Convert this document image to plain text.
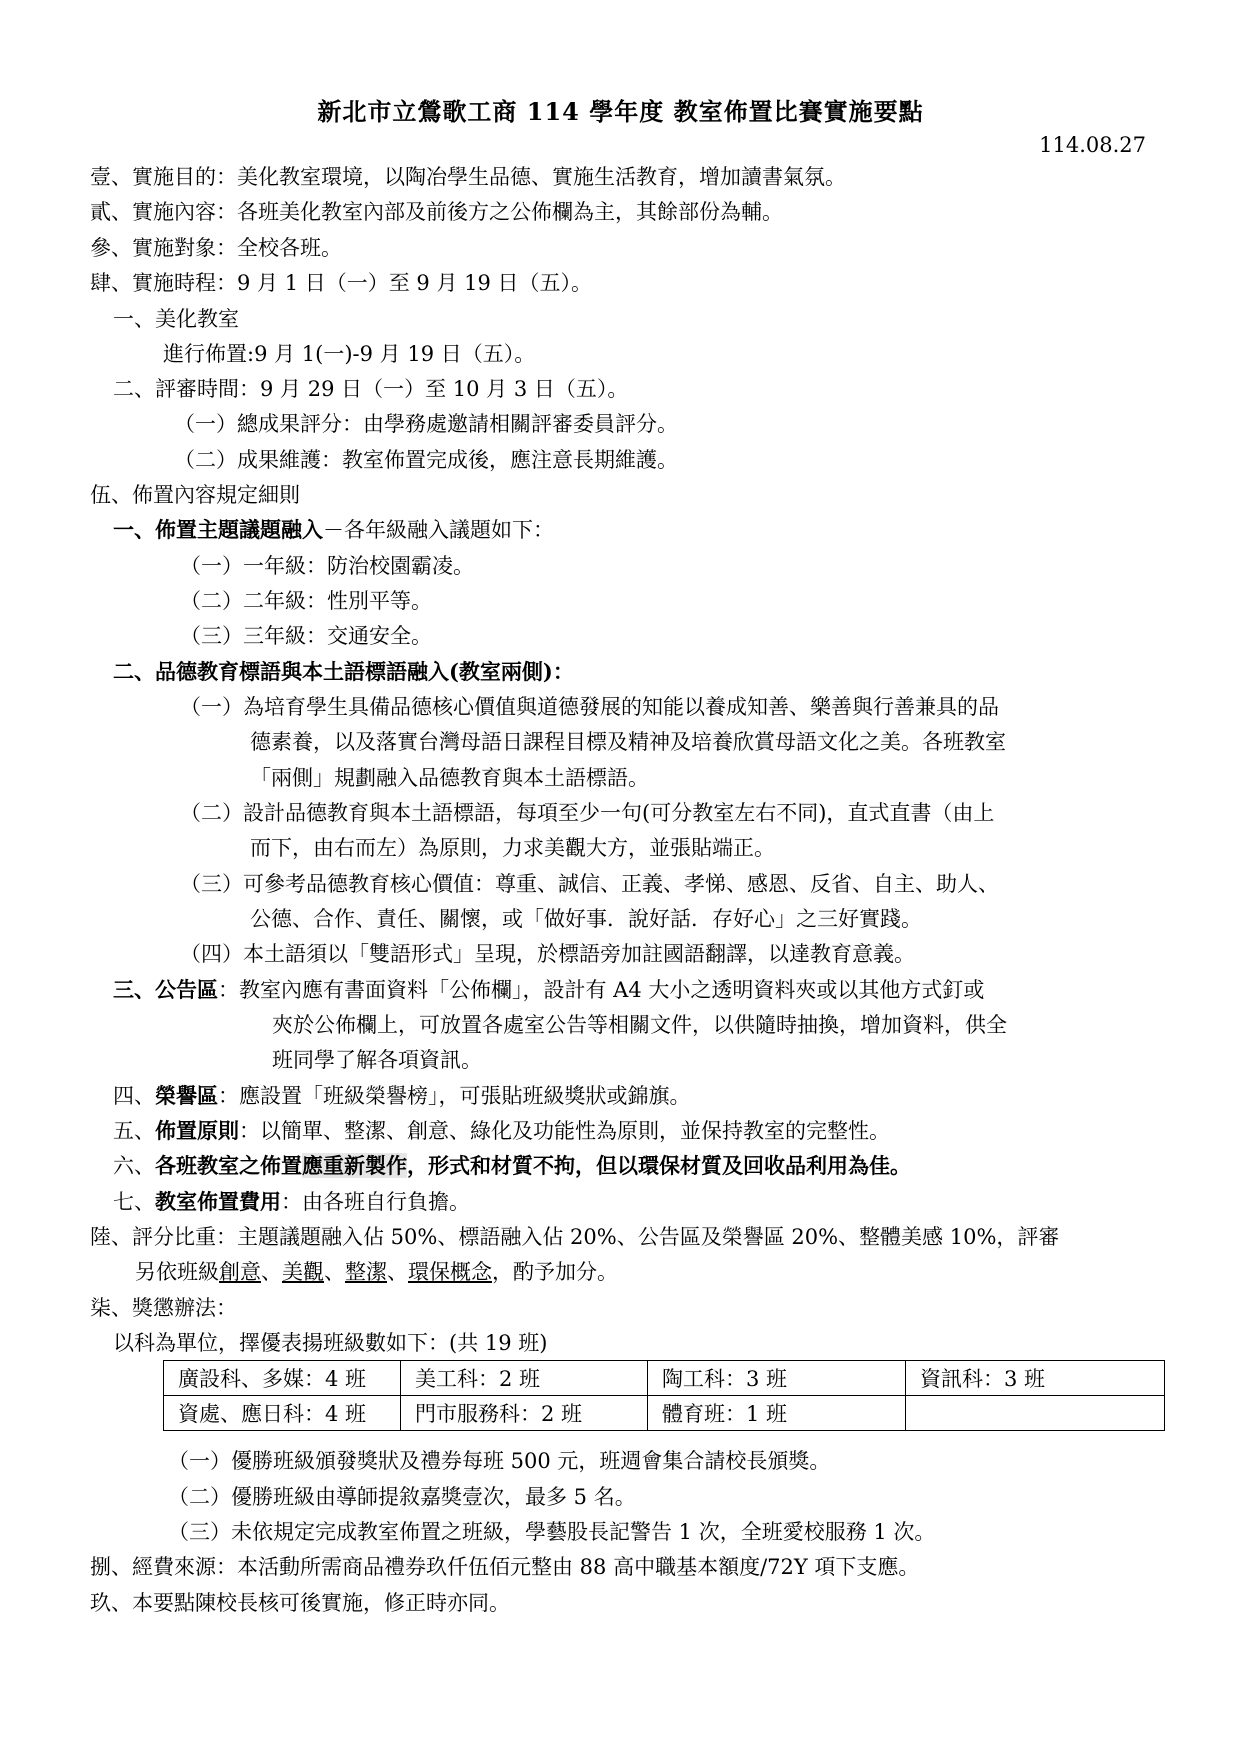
新北市立鶯歌工商 114 學年度 教室佈置比賽實施要點
114.08.27
壹、實施目的：美化教室環境，以陶冶學生品德、實施生活教育，增加讀書氣氛。
貳、實施內容：各班美化教室內部及前後方之公佈欄為主，其餘部份為輔。
參、實施對象：全校各班。
肆、實施時程：9 月 1 日（一）至 9 月 19 日（五）。
一、美化教室
進行佈置:9 月 1(一)-9 月 19 日（五）。
二、評審時間：9 月 29 日（一）至 10 月 3 日（五）。
（一）總成果評分：由學務處邀請相關評審委員評分。
（二）成果維護：教室佈置完成後，應注意長期維護。
伍、佈置內容規定細則
一、佈置主題議題融入－各年級融入議題如下：
（一）一年級：防治校園霸凌。
（二）二年級：性別平等。
（三）三年級：交通安全。
二、品德教育標語與本土語標語融入(教室兩側)：
（一）為培育學生具備品德核心價值與道德發展的知能以養成知善、樂善與行善兼具的品
德素養，以及落實台灣母語日課程目標及精神及培養欣賞母語文化之美。各班教室
「兩側」規劃融入品德教育與本土語標語。
（二）設計品德教育與本土語標語，每項至少一句(可分教室左右不同)，直式直書（由上
而下，由右而左）為原則，力求美觀大方，並張貼端正。
（三）可參考品德教育核心價值：尊重、誠信、正義、孝悌、感恩、反省、自主、助人、
公德、合作、責任、關懷，或「做好事．說好話．存好心」之三好實踐。
（四）本土語須以「雙語形式」呈現，於標語旁加註國語翻譯，以達教育意義。
三、公告區：教室內應有書面資料「公佈欄」，設計有 A4 大小之透明資料夾或以其他方式釘或
夾於公佈欄上，可放置各處室公告等相關文件，以供隨時抽換，增加資料，供全
班同學了解各項資訊。
四、榮譽區：應設置「班級榮譽榜」，可張貼班級獎狀或錦旗。
五、佈置原則：以簡單、整潔、創意、綠化及功能性為原則，並保持教室的完整性。
六、各班教室之佈置應重新製作，形式和材質不拘，但以環保材質及回收品利用為佳。
七、教室佈置費用：由各班自行負擔。
陸、評分比重：主題議題融入佔 50%、標語融入佔 20%、公告區及榮譽區 20%、整體美感 10%，評審
另依班級創意、美觀、整潔、環保概念，酌予加分。
柒、獎懲辦法：
以科為單位，擇優表揚班級數如下：(共 19 班)
廣設科、多媒：4 班	美工科：2 班	陶工科：3 班	資訊科：3 班
資處、應日科：4 班	門市服務科：2 班	體育班：1 班	
（一）優勝班級頒發獎狀及禮券每班 500 元，班週會集合請校長頒獎。
（二）優勝班級由導師提敘嘉獎壹次，最多 5 名。
（三）未依規定完成教室佈置之班級，學藝股長記警告 1 次，全班愛校服務 1 次。
捌、經費來源：本活動所需商品禮券玖仟伍佰元整由 88 高中職基本額度/72Y 項下支應。
玖、本要點陳校長核可後實施，修正時亦同。
